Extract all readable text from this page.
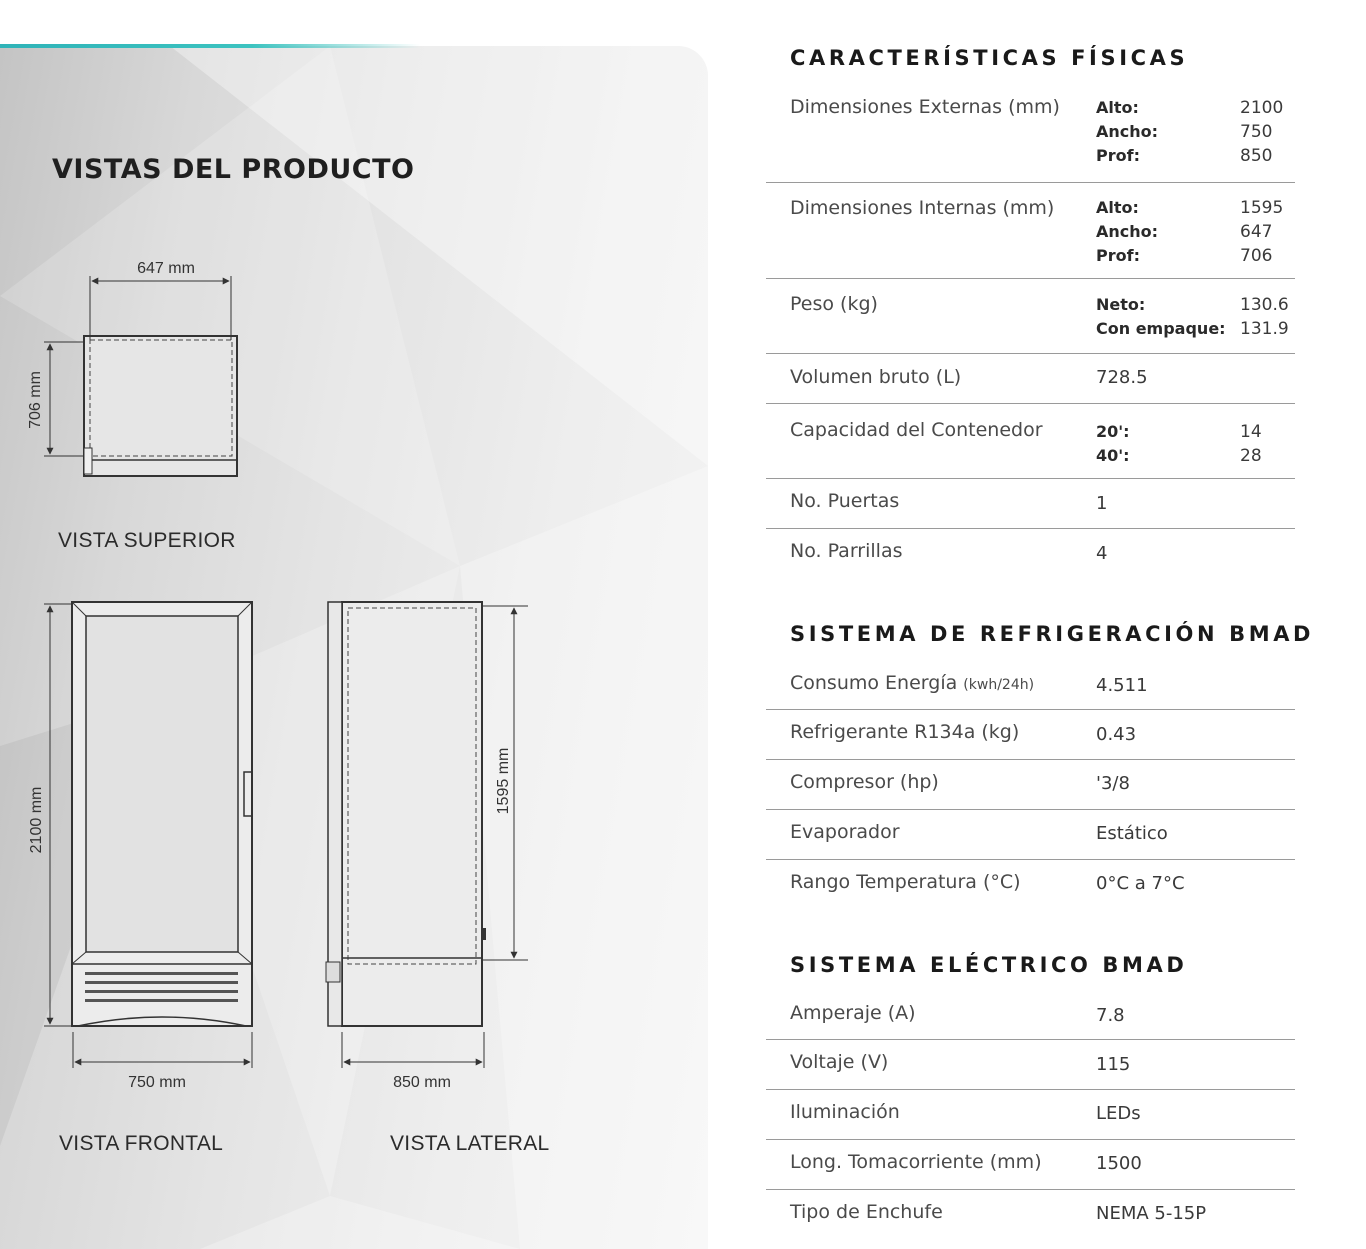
VISTAS DEL PRODUCTO
647 mm
706 mm
2100 mm
750 mm
1595 mm
850 mm

VISTA SUPERIOR

VISTA FRONTAL	VISTA LATERAL

CARACTERÍSTICAS FÍSICAS
Dimensiones Externas (mm) Alto:	2100
Ancho:	750
Prof:	850
Dimensiones Internas (mm)	Alto:	1595
Ancho:	647
Prof:	706
Peso (kg)	Neto:	130.6
Con empaque: 131.9
Volumen bruto (L)	728.5
Capacidad del Contenedor	20':	14
40':	28
No. Puertas	1
No. Parrillas	4
SISTEMA DE REFRIGERACIÓN BMAD
Consumo Energía (kwh/24h)	4.511
Refrigerante R134a (kg)	0.43
Compresor (hp)	'3/8
Evaporador	Estático
Rango Temperatura (°C)	0°C a 7°C
SISTEMA ELÉCTRICO BMAD
Amperaje (A)	7.8
Voltaje (V)	115
Iluminación	LEDs
Long. Tomacorriente (mm)	1500
Tipo de Enchufe	NEMA 5-15P
